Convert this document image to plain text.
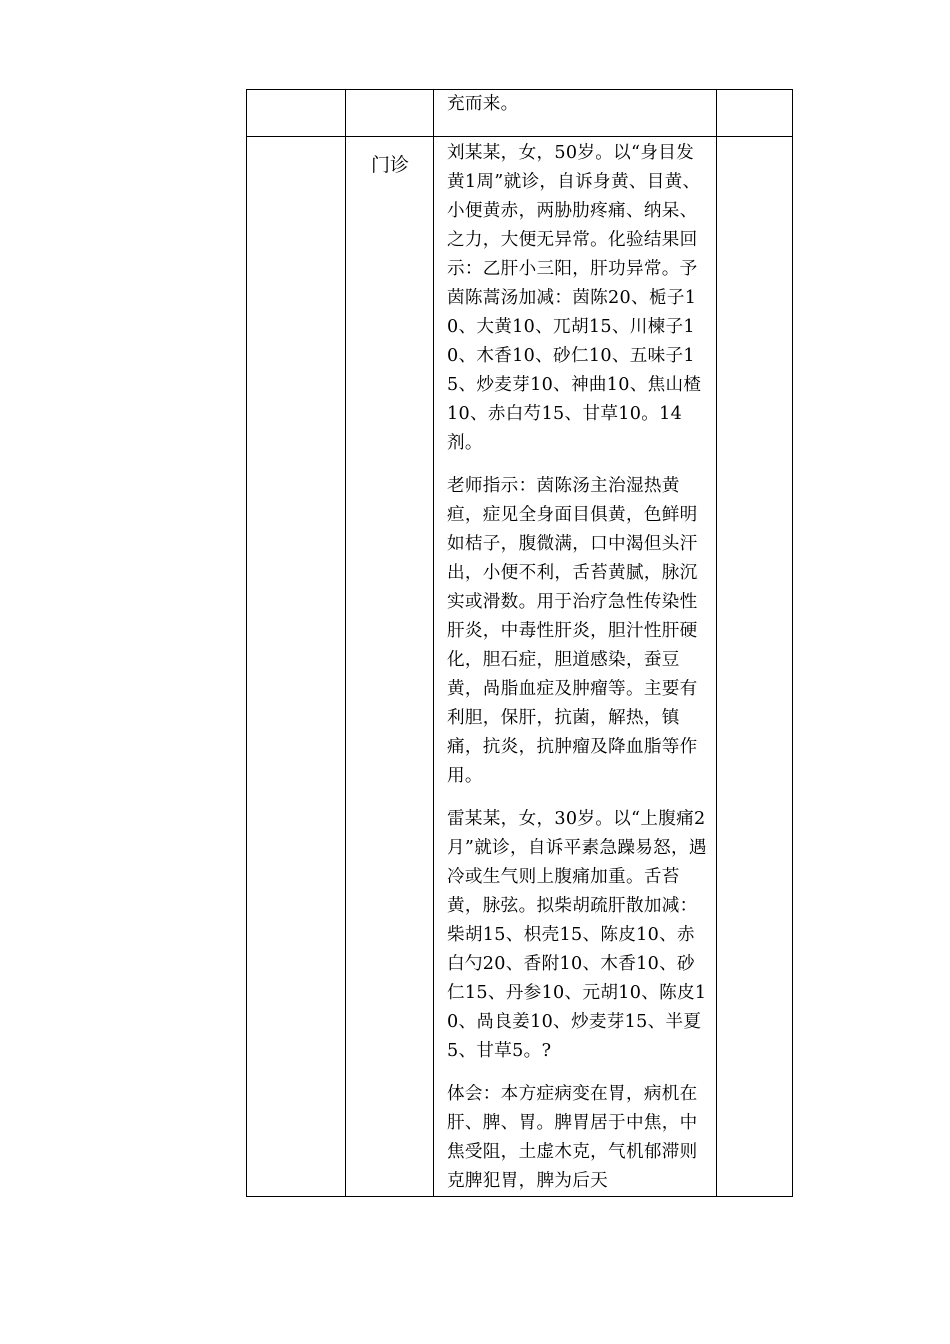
		充而来。	

	门诊	刘某某，女，50岁。以“身目发黄1周”就诊，自诉身黄、目黄、小便黄赤，两胁肋疼痛、纳呆、之力，大便无异常。化验结果回示：乙肝小三阳，肝功异常。予茵陈蒿汤加减：茵陈20、栀子10、大黄10、兀胡15、川楝子10、木香10、砂仁10、五味子15、炒麦芽10、神曲10、焦山楂10、赤白芍15、甘草10。14剂。

老师指示：茵陈汤主治湿热黄疸，症见全身面目俱黄，色鲜明如桔子，腹微满，口中渴但头汗出，小便不利，舌苔黄腻，脉沉实或滑数。用于治疗急性传染性肝炎，中毒性肝炎，胆汁性肝硬化，胆石症，胆道感染，蚕豆黄，咼脂血症及肿瘤等。主要有利胆，保肝，抗菌，解热，镇痛，抗炎，抗肿瘤及降血脂等作用。

雷某某，女，30岁。以“上腹痛2月”就诊，自诉平素急躁易怒，遇冷或生气则上腹痛加重。舌苔黄，脉弦。拟柴胡疏肝散加减：柴胡15、枳壳15、陈皮10、赤白勺20、香附10、木香10、砂仁15、丹参10、元胡10、陈皮10、咼良姜10、炒麦芽15、半夏5、甘草5。?

体会：本方症病变在胃，病机在肝、脾、胃。脾胃居于中焦，中焦受阻，土虚木克，气机郁滞则克脾犯胃，脾为后天	
